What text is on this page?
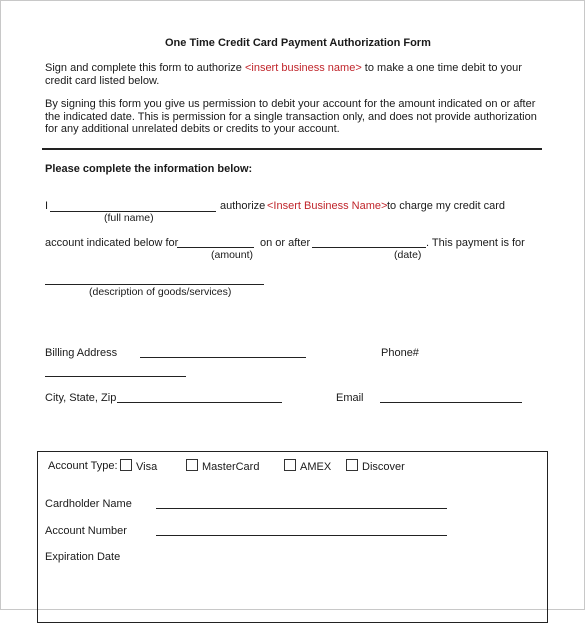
One Time Credit Card Payment Authorization Form
Sign and complete this form to authorize <insert business name> to make a one time debit to your credit card listed below.
By signing this form you give us permission to debit your account for the amount indicated on or after the indicated date. This is permission for a single transaction only, and does not provide authorization for any additional unrelated debits or credits to your account.
Please complete the information below:
I	authorize <Insert Business Name> to charge my credit card
(full name)
account indicated below for	on or after	. This payment is for
(amount)	(date)
(description of goods/services)
Billing Address	Phone#
City, State, Zip	Email
Account Type:	Visa	MasterCard	AMEX	Discover
Cardholder Name
Account Number
Expiration Date
